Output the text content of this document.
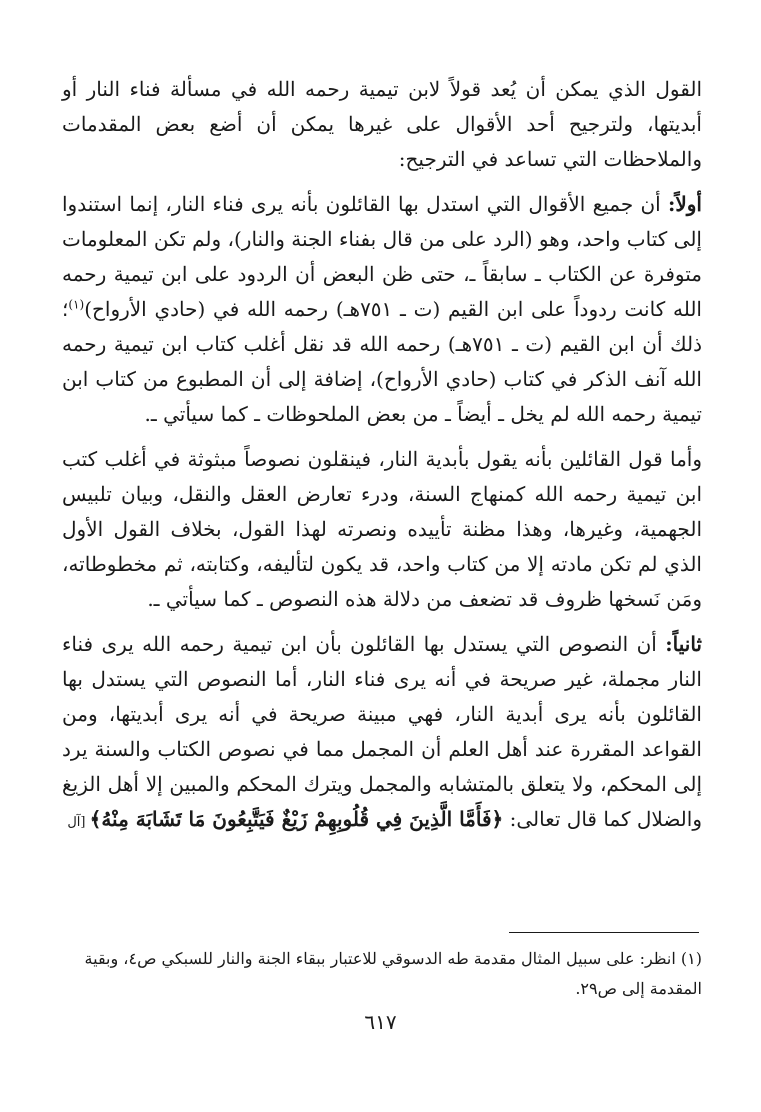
القول الذي يمكن أن يُعد قولاً لابن تيمية رحمه الله في مسألة فناء النار أو أبديتها، ولترجيح أحد الأقوال على غيرها يمكن أن أضع بعض المقدمات والملاحظات التي تساعد في الترجيح:

أولاً: أن جميع الأقوال التي استدل بها القائلون بأنه يرى فناء النار، إنما استندوا إلى كتاب واحد، وهو (الرد على من قال بفناء الجنة والنار)، ولم تكن المعلومات متوفرة عن الكتاب ـ سابقاً ـ، حتى ظن البعض أن الردود على ابن تيمية رحمه الله كانت ردوداً على ابن القيم (ت ـ ٧٥١هـ) رحمه الله في (حادي الأرواح)$^{(١)}$؛ ذلك أن ابن القيم (ت ـ ٧٥١هـ) رحمه الله قد نقل أغلب كتاب ابن تيمية رحمه الله آنف الذكر في كتاب (حادي الأرواح)، إضافة إلى أن المطبوع من كتاب ابن تيمية رحمه الله لم يخل ـ أيضاً ـ من بعض الملحوظات ـ كما سيأتي ـ.

وأما قول القائلين بأنه يقول بأبدية النار، فينقلون نصوصاً مبثوثة في أغلب كتب ابن تيمية رحمه الله كمنهاج السنة، ودرء تعارض العقل والنقل، وبيان تلبيس الجهمية، وغيرها، وهذا مظنة تأييده ونصرته لهذا القول، بخلاف القول الأول الذي لم تكن مادته إلا من كتاب واحد، قد يكون لتأليفه، وكتابته، ثم مخطوطاته، ومَن نَسخها ظروف قد تضعف من دلالة هذه النصوص ـ كما سيأتي ـ.

ثانياً: أن النصوص التي يستدل بها القائلون بأن ابن تيمية رحمه الله يرى فناء النار مجملة، غير صريحة في أنه يرى فناء النار، أما النصوص التي يستدل بها القائلون بأنه يرى أبدية النار، فهي مبينة صريحة في أنه يرى أبديتها، ومن القواعد المقررة عند أهل العلم أن المجمل مما في نصوص الكتاب والسنة يرد إلى المحكم، ولا يتعلق بالمتشابه والمجمل ويترك المحكم والمبين إلا أهل الزيغ والضلال كما قال تعالى: ﴿فَأَمَّا الَّذِينَ فِي قُلُوبِهِمْ زَيْغٌ فَيَتَّبِعُونَ مَا تَشَابَهَ مِنْهُ﴾ [آل

(١) انظر: على سبيل المثال مقدمة طه الدسوقي للاعتبار ببقاء الجنة والنار للسبكي ص٤، وبقية المقدمة إلى ص٢٩.
٦١٧
